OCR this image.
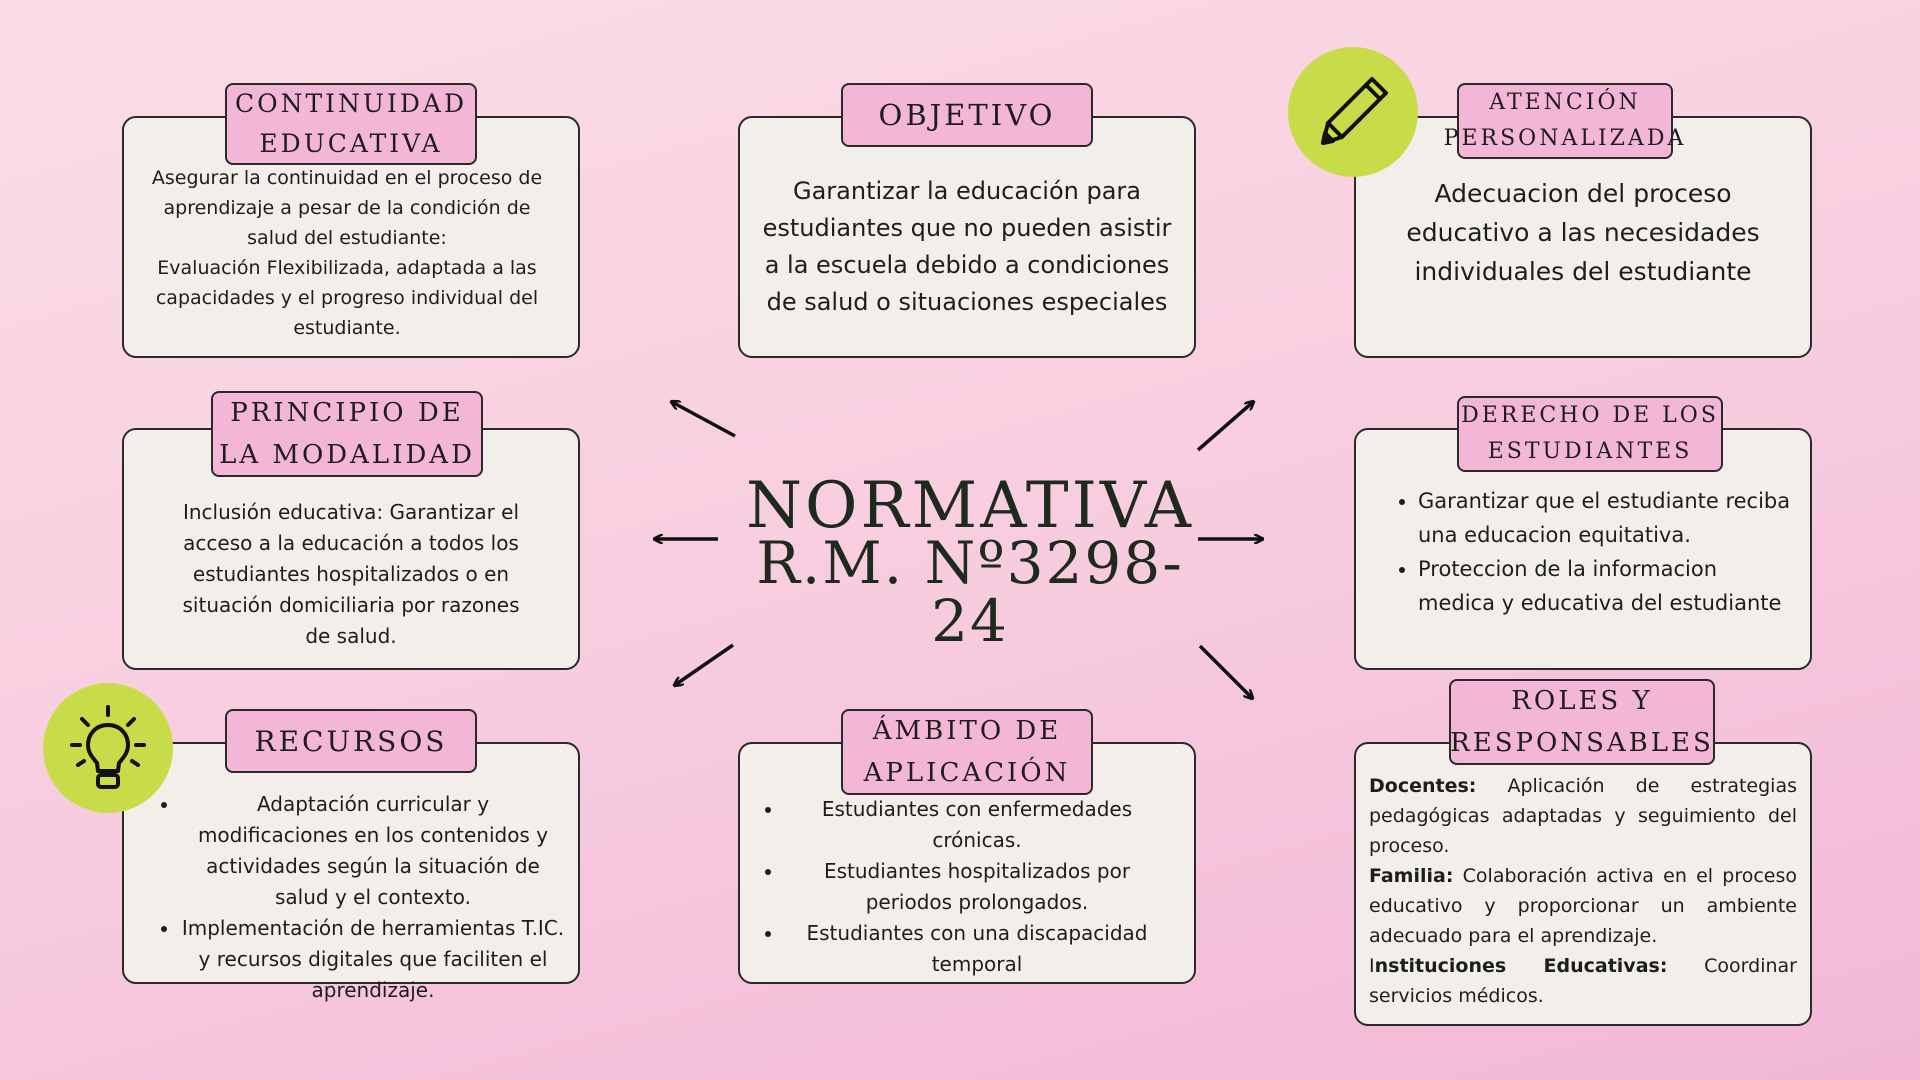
NORMATIVA
R.M. Nº3298-24
CONTINUIDAD
EDUCATIVA
Asegurar la continuidad en el proceso de aprendizaje a pesar de la condición de salud del estudiante:
Evaluación Flexibilizada, adaptada a las capacidades y el progreso individual del estudiante.
OBJETIVO
Garantizar la educación para estudiantes que no pueden asistir a la escuela debido a condiciones de salud o situaciones especiales
ATENCIÓN
PERSONALIZADA
Adecuacion del proceso educativo a las necesidades individuales del estudiante
PRINCIPIO DE
LA MODALIDAD
Inclusión educativa: Garantizar el acceso a la educación a todos los estudiantes hospitalizados o en situación domiciliaria por razones de salud.
DERECHO DE LOS
ESTUDIANTES
• Garantizar que el estudiante reciba una educacion equitativa.
• Proteccion de la informacion medica y educativa del estudiante
RECURSOS
• Adaptación curricular y modificaciones en los contenidos y actividades según la situación de salud y el contexto.
• Implementación de herramientas T.IC. y recursos digitales que faciliten el aprendizaje.
ÁMBITO DE
APLICACIÓN
• Estudiantes con enfermedades crónicas.
• Estudiantes hospitalizados por periodos prolongados.
• Estudiantes con una discapacidad temporal
ROLES Y
RESPONSABLES

Docentes: Aplicación de estrategias pedagógicas adaptadas y seguimiento del proceso.

Familia: Colaboración activa en el proceso educativo y proporcionar un ambiente adecuado para el aprendizaje.

Instituciones Educativas: Coordinar servicios médicos.
